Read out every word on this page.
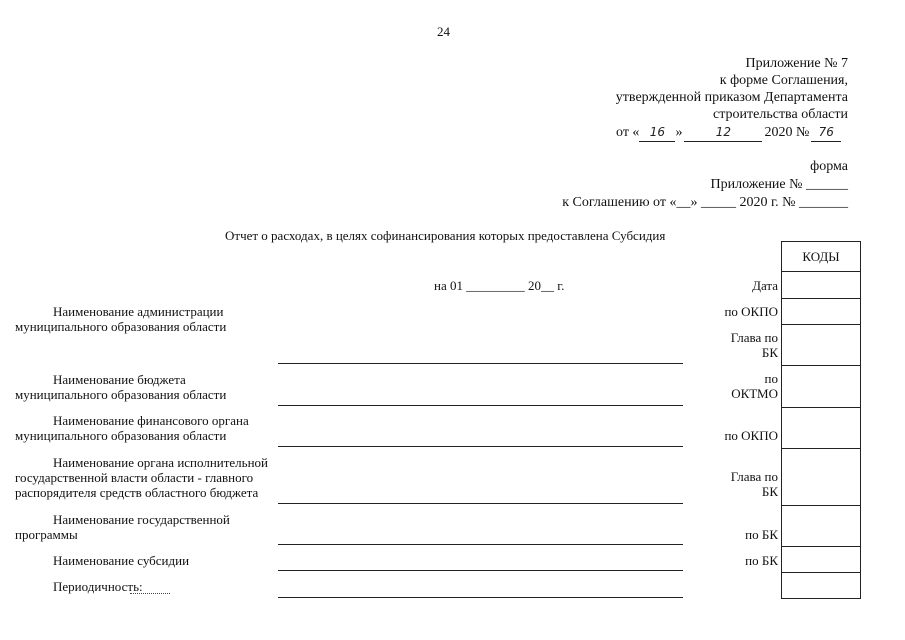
24
Приложение № 7
к форме Соглашения,
утвержденной приказом Департамента
строительства области
от « 16 »	12 2020 № 76
форма
Приложение № ______
к Соглашению от «__» _____ 2020 г. № _______
Отчет о расходах, в целях софинансирования которых предоставлена Субсидия
на 01 _________ 20__ г.
Наименование администрации
муниципального образования области
Наименование бюджета
муниципального образования области
Наименование финансового органа
муниципального образования области
Наименование органа исполнительной
государственной власти области - главного
распорядителя средств областного бюджета
Наименование государственной
программы
Наименование субсидии
Периодичность:
Дата
по ОКПО
Глава по
БК
по
ОКТМО
по ОКПО
Глава по
БК
по БК
по БК
КОДЫ
